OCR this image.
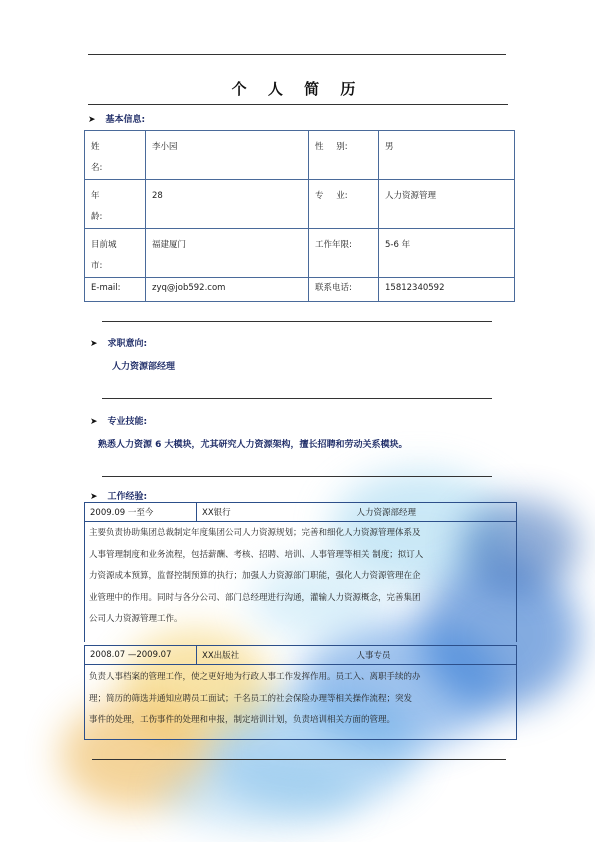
个 人 简 历
➤ 基本信息:
姓
名:	李小园	性 别:	男

年
龄:	28	专 业:	人力资源管理

目前城
市:	福建厦门	工作年限:	5-6 年
E-mail:	zyq@job592.com	联系电话:	15812340592
➤ 求职意向:
人力资源部经理
➤ 专业技能:
熟悉人力资源 6 大模块，尤其研究人力资源架构，擅长招聘和劳动关系模块。
➤ 工作经验:
2009.09 一至今	XX银行	人力资源部经理
主要负责协助集团总裁制定年度集团公司人力资源规划；完善和细化人力资源管理体系及
人事管理制度和业务流程，包括薪酬、考核、招聘、培训、人事管理等相关 制度；拟订人
力资源成本预算，监督控制预算的执行；加强人力资源部门职能，强化人力资源管理在企
业管理中的作用。同时与各分公司、部门总经理进行沟通，灌输人力资源概念，完善集团
公司人力资源管理工作。
2008.07 —2009.07	XX出版社	人事专员
负责人事档案的管理工作，使之更好地为行政人事工作发挥作用。员工入、离职手续的办
理；简历的筛选并通知应聘员工面试；千名员工的社会保险办理等相关操作流程；突发
事件的处理，工伤事件的处理和申报，制定培训计划，负责培训相关方面的管理。
